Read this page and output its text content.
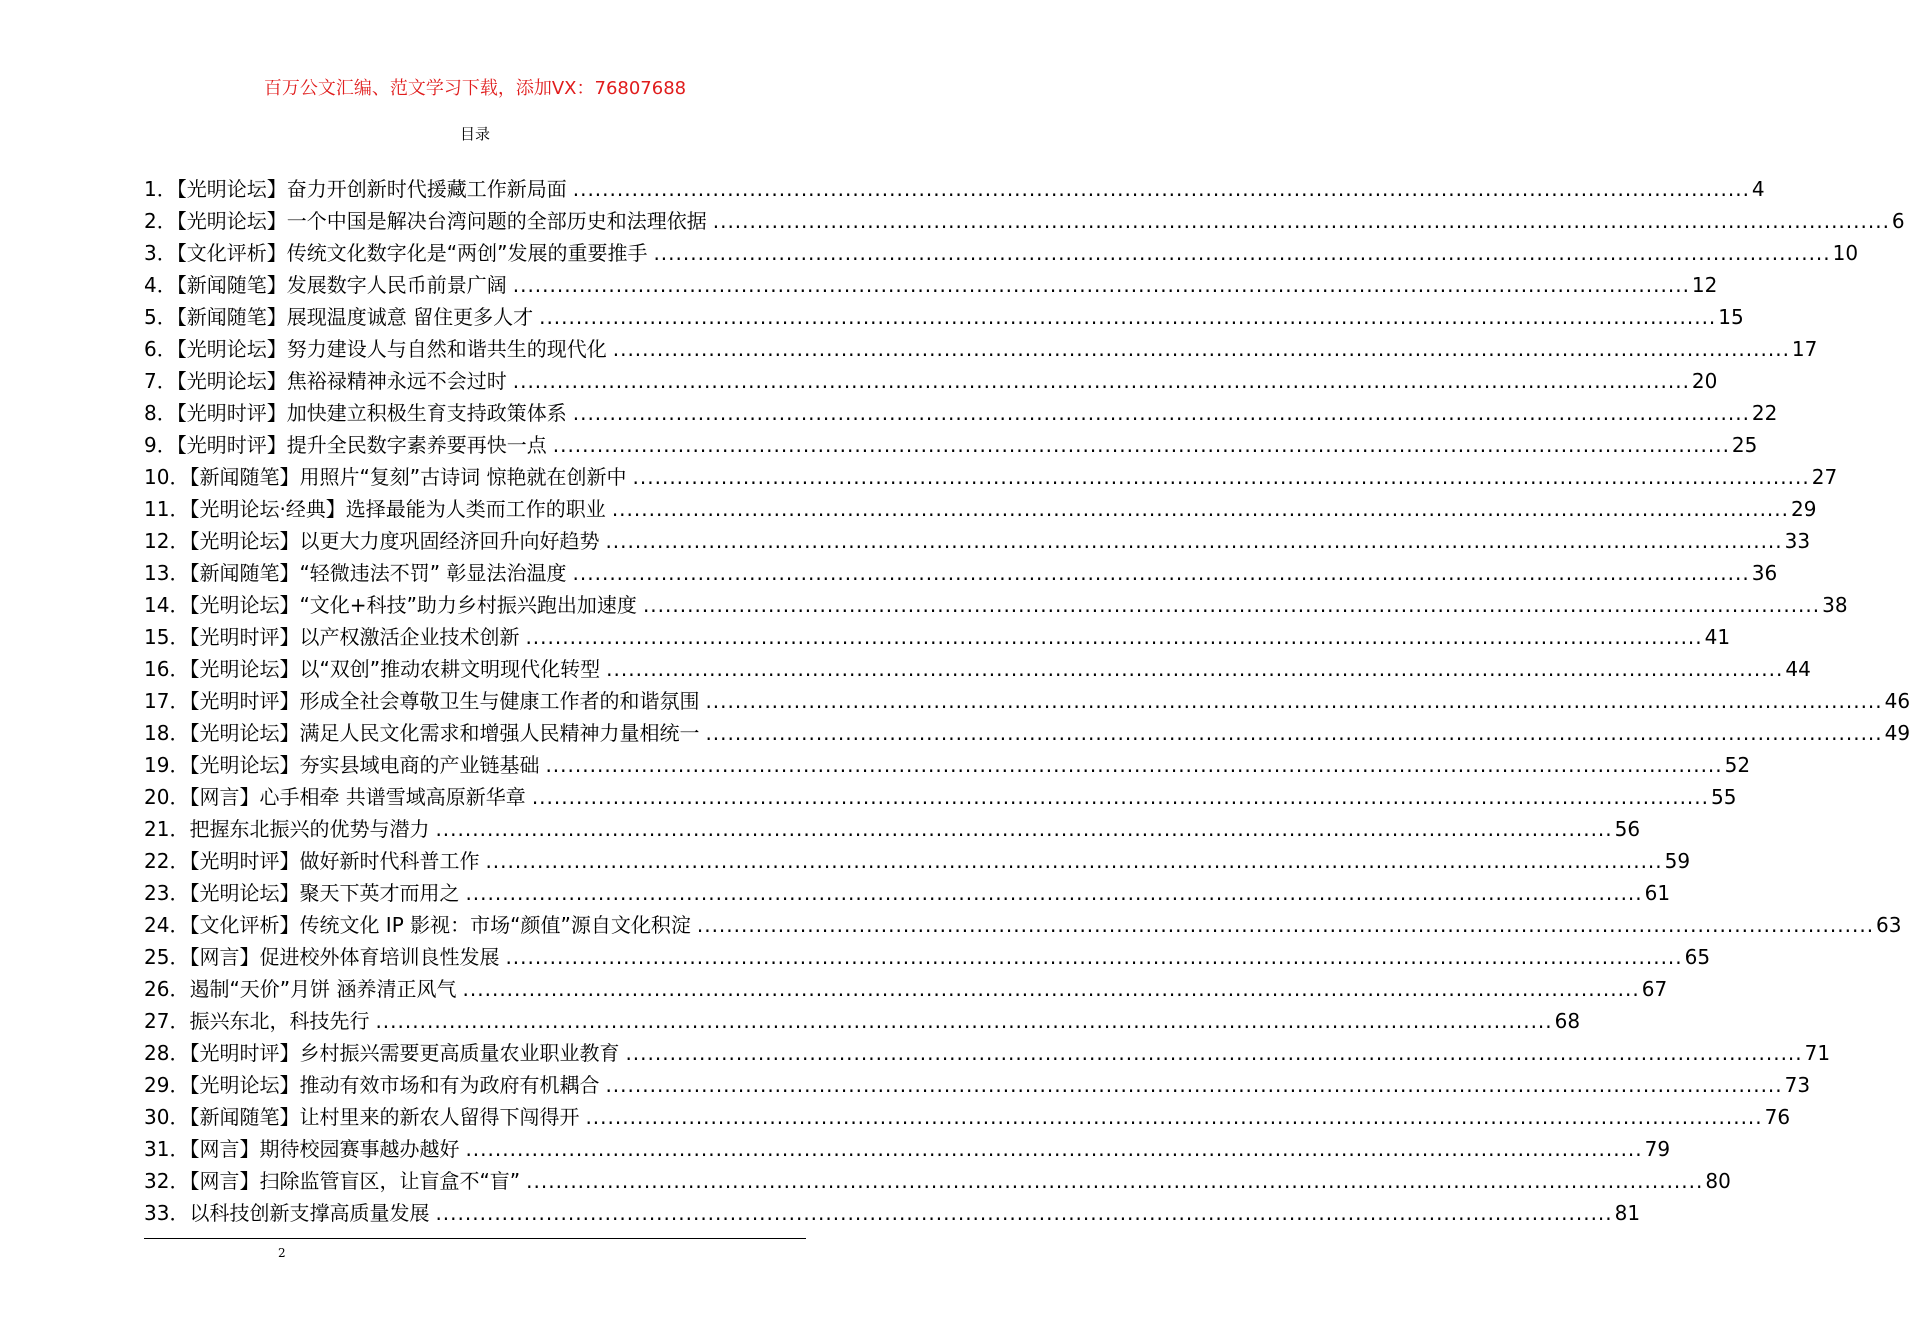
百万公文汇编、范文学习下载，添加VX：76807688
目录
1．【光明论坛】奋力开创新时代援藏工作新局面 .....	4
2．【光明论坛】一个中国是解决台湾问题的全部历史和法理依据 .....	6
3．【文化评析】传统文化数字化是“两创”发展的重要推手 .....	10
4．【新闻随笔】发展数字人民币前景广阔 .....	12
5．【新闻随笔】展现温度诚意 留住更多人才 .....	15
6．【光明论坛】努力建设人与自然和谐共生的现代化 .....	17
7．【光明论坛】焦裕禄精神永远不会过时 .....	20
8．【光明时评】加快建立积极生育支持政策体系 .....	22
9．【光明时评】提升全民数字素养要再快一点 .....	25
10．【新闻随笔】用照片“复刻”古诗词 惊艳就在创新中 .....	27
11．【光明论坛·经典】选择最能为人类而工作的职业 .....	29
12．【光明论坛】以更大力度巩固经济回升向好趋势 .....	33
13．【新闻随笔】“轻微违法不罚” 彰显法治温度 .....	36
14．【光明论坛】“文化+科技”助力乡村振兴跑出加速度 .....	38
15．【光明时评】以产权激活企业技术创新 .....	41
16．【光明论坛】以“双创”推动农耕文明现代化转型 .....	44
17．【光明时评】形成全社会尊敬卫生与健康工作者的和谐氛围 .....	46
18．【光明论坛】满足人民文化需求和增强人民精神力量相统一 .....	49
19．【光明论坛】夯实县域电商的产业链基础 .....	52
20．【网言】心手相牵 共谱雪域高原新华章 .....	55
21．把握东北振兴的优势与潜力 .....	56
22．【光明时评】做好新时代科普工作 .....	59
23．【光明论坛】聚天下英才而用之 .....	61
24．【文化评析】传统文化 IP 影视：市场“颜值”源自文化积淀 .....	63
25．【网言】促进校外体育培训良性发展 .....	65
26．遏制“天价”月饼 涵养清正风气 .....	67
27．振兴东北，科技先行 .....	68
28．【光明时评】乡村振兴需要更高质量农业职业教育 .....	71
29．【光明论坛】推动有效市场和有为政府有机耦合 .....	73
30．【新闻随笔】让村里来的新农人留得下闯得开 .....	76
31．【网言】期待校园赛事越办越好 .....	79
32．【网言】扫除监管盲区，让盲盒不“盲” .....	80
33．以科技创新支撑高质量发展 .....	81
2
